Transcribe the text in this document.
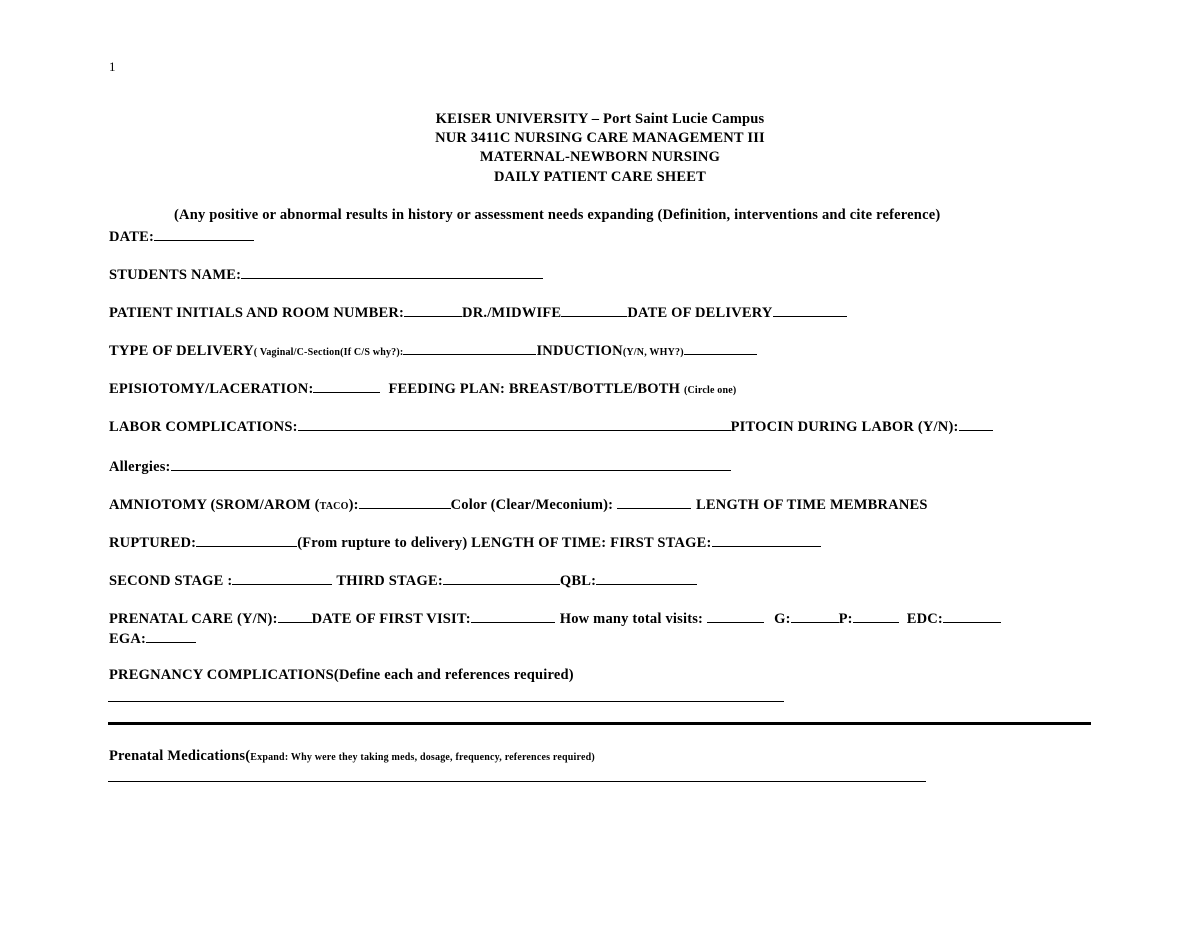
1
KEISER UNIVERSITY – Port Saint Lucie Campus
NUR 3411C NURSING CARE MANAGEMENT III
MATERNAL-NEWBORN NURSING
DAILY PATIENT CARE SHEET
(Any positive or abnormal results in history or assessment needs expanding (Definition, interventions and cite reference)
DATE:
STUDENTS NAME:
PATIENT INITIALS AND ROOM NUMBER:	DR./MIDWIFE	DATE OF DELIVERY
TYPE OF DELIVERY( Vaginal/C-Section(If C/S why?):	INDUCTION(Y/N, WHY?)
EPISIOTOMY/LACERATION:	FEEDING PLAN: BREAST/BOTTLE/BOTH (Circle one)
LABOR COMPLICATIONS:	PITOCIN DURING LABOR (Y/N):
Allergies:
AMNIOTOMY (SROM/AROM (TACO):	Color (Clear/Meconium):	LENGTH OF TIME MEMBRANES
RUPTURED:	(From rupture to delivery) LENGTH OF TIME: FIRST STAGE:
SECOND STAGE :	THIRD STAGE:	QBL:
PRENATAL CARE (Y/N): DATE OF FIRST VISIT:	How many total visits:	G:	P:	EDC:
EGA:
PREGNANCY COMPLICATIONS(Define each and references required)
Prenatal Medications(Expand: Why were they taking meds, dosage, frequency, references required)
